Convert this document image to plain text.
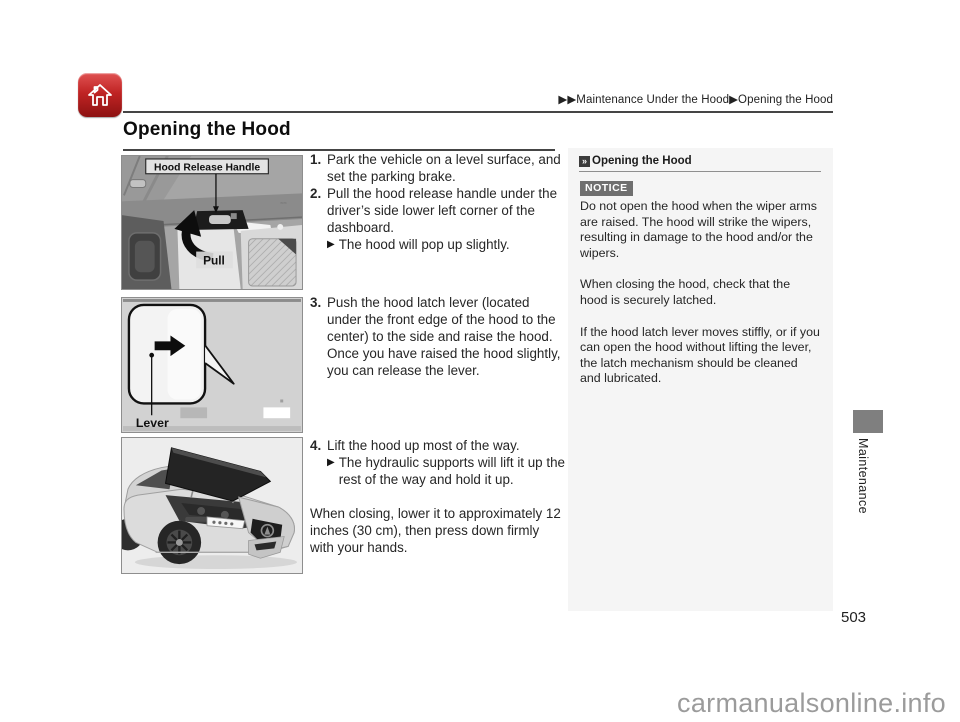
▶▶Maintenance Under the Hood▶Opening the Hood
Opening the Hood
≈≈
Hood Release Handle
Pull
Lever
1. Park the vehicle on a level surface, and set the parking brake.
2. Pull the hood release handle under the driver’s side lower left corner of the dashboard.
▶ The hood will pop up slightly.
3. Push the hood latch lever (located under the front edge of the hood to the center) to the side and raise the hood. Once you have raised the hood slightly, you can release the lever.
4. Lift the hood up most of the way.
▶ The hydraulic supports will lift it up the rest of the way and hold it up.
When closing, lower it to approximately 12 inches (30 cm), then press down firmly with your hands.
» Opening the Hood
NOTICE

Do not open the hood when the wiper arms are raised. The hood will strike the wipers, resulting in damage to the hood and/or the wipers.

When closing the hood, check that the hood is securely latched.

If the hood latch lever moves stiffly, or if you can open the hood without lifting the lever, the latch mechanism should be cleaned and lubricated.

Maintenance
503
carmanualsonline.info
